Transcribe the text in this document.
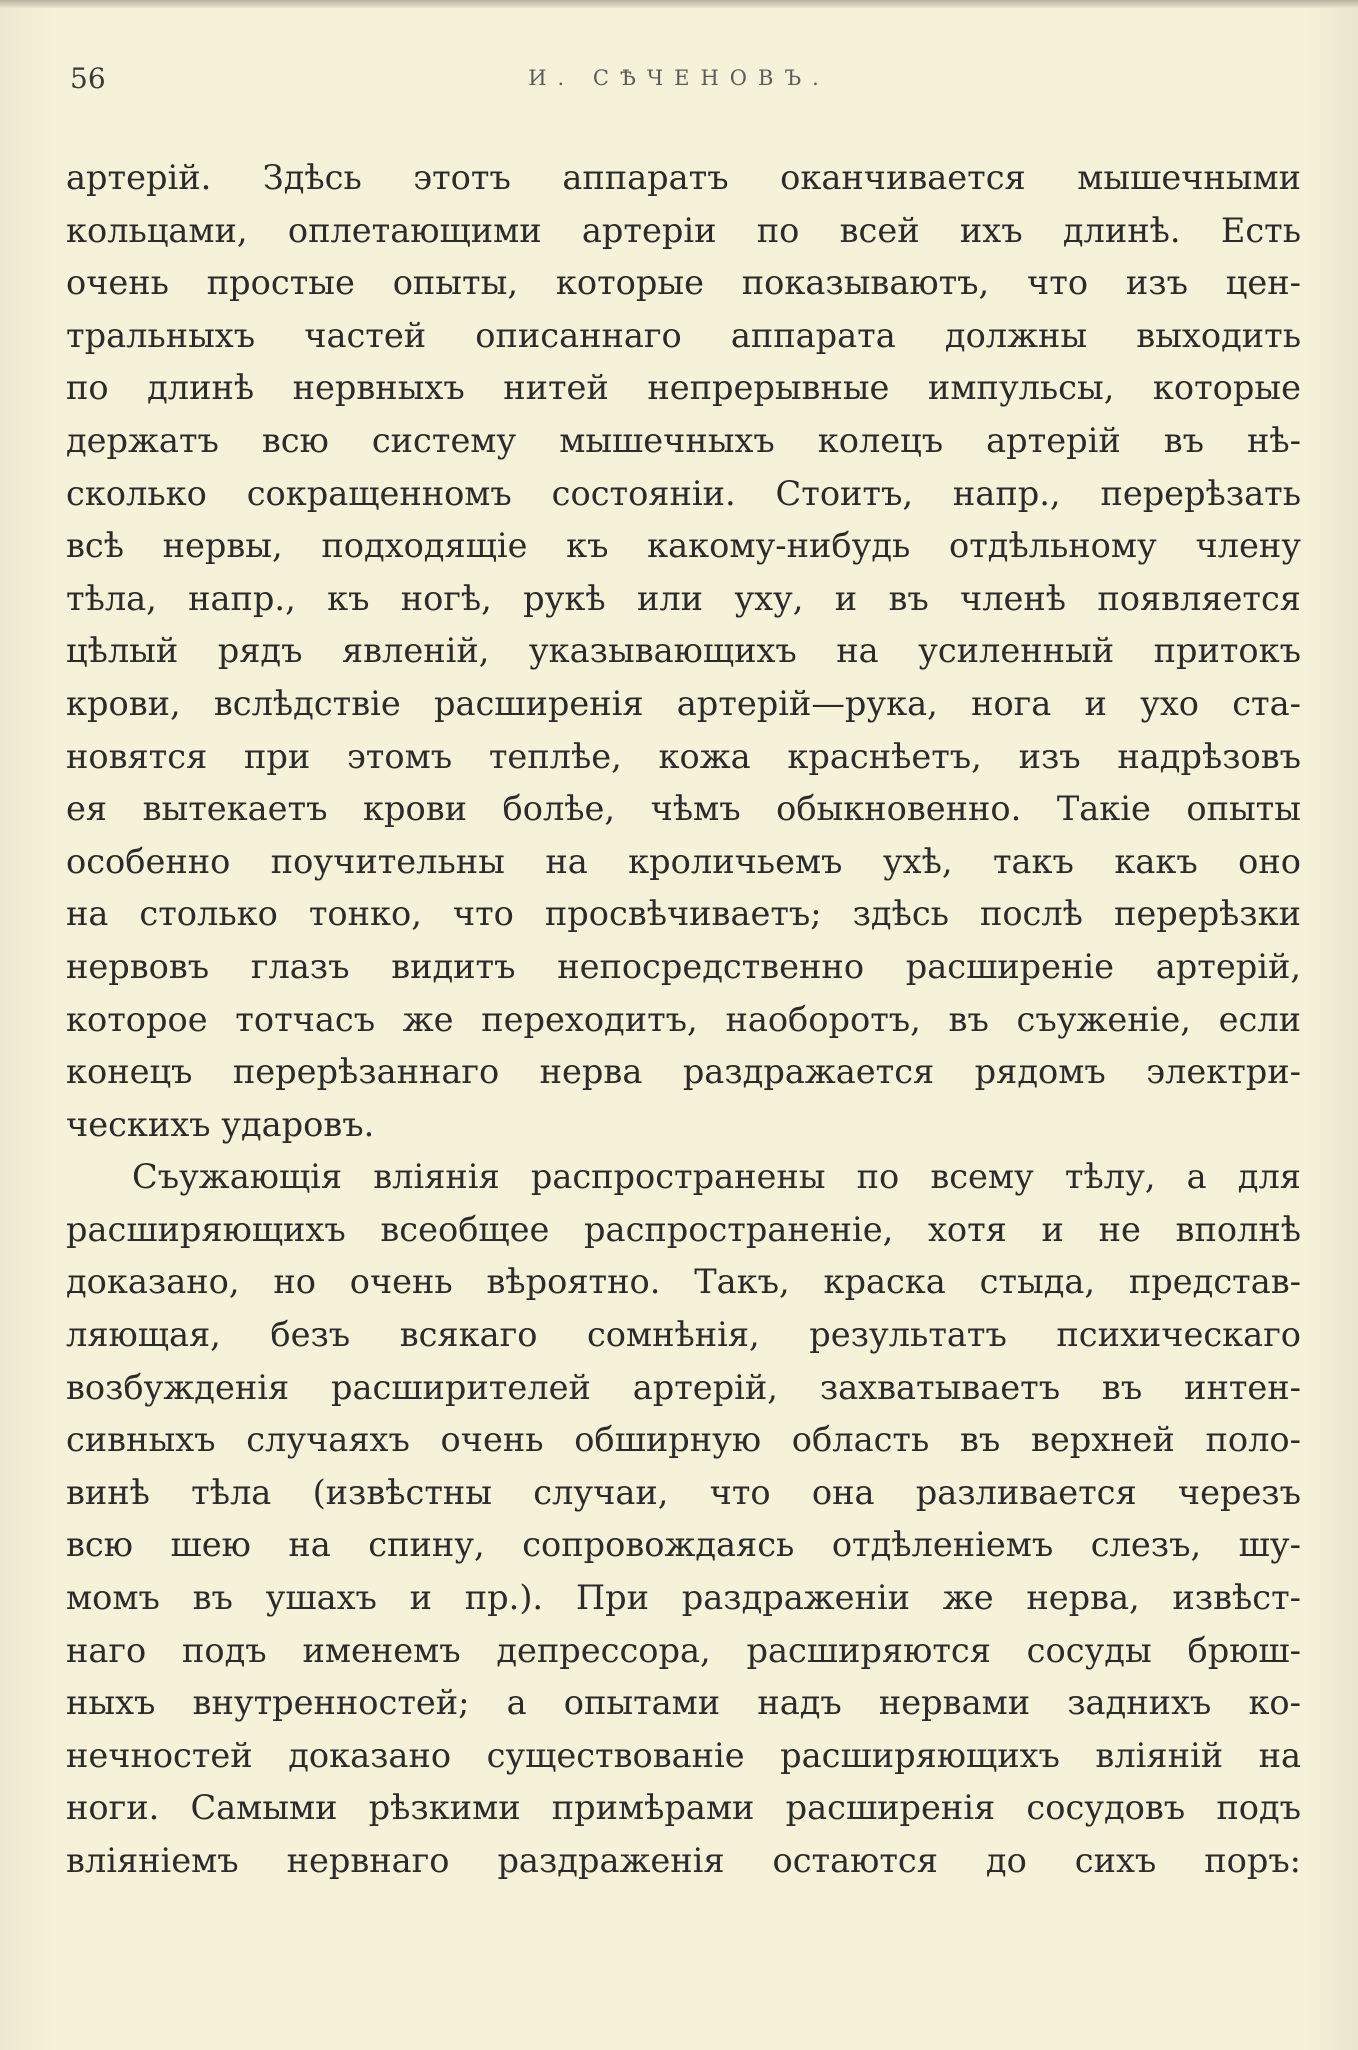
56	И. СѢЧЕНОВЪ.
артерій. Здѣсь этотъ аппаратъ оканчивается мышечными
кольцами, оплетающими артеріи по всей ихъ длинѣ. Есть
очень простые опыты, которые показываютъ, что изъ цен-
тральныхъ частей описаннаго аппарата должны выходить
по длинѣ нервныхъ нитей непрерывные импульсы, которые
держатъ всю систему мышечныхъ колецъ артерій въ нѣ-
сколько сокращенномъ состояніи. Стоитъ, напр., перерѣзать
всѣ нервы, подходящіе къ какому-нибудь отдѣльному члену
тѣла, напр., къ ногѣ, рукѣ или уху, и въ членѣ появляется
цѣлый рядъ явленій, указывающихъ на усиленный притокъ
крови, вслѣдствіе расширенія артерій—рука, нога и ухо ста-
новятся при этомъ теплѣе, кожа краснѣетъ, изъ надрѣзовъ
ея вытекаетъ крови болѣе, чѣмъ обыкновенно. Такіе опыты
особенно поучительны на кроличьемъ ухѣ, такъ какъ оно
на столько тонко, что просвѣчиваетъ; здѣсь послѣ перерѣзки
нервовъ глазъ видитъ непосредственно расширеніе артерій,
которое тотчасъ же переходитъ, наоборотъ, въ съуженіе, если
конецъ перерѣзаннаго нерва раздражается рядомъ электри-
ческихъ ударовъ.
Съужающія вліянія распространены по всему тѣлу, а для
расширяющихъ всеобщее распространеніе, хотя и не вполнѣ
доказано, но очень вѣроятно. Такъ, краска стыда, представ-
ляющая, безъ всякаго сомнѣнія, результатъ психическаго
возбужденія расширителей артерій, захватываетъ въ интен-
сивныхъ случаяхъ очень обширную область въ верхней поло-
винѣ тѣла (извѣстны случаи, что она разливается черезъ
всю шею на спину, сопровождаясь отдѣленіемъ слезъ, шу-
момъ въ ушахъ и пр.). При раздраженіи же нерва, извѣст-
наго подъ именемъ депрессора, расширяются сосуды брюш-
ныхъ внутренностей; а опытами надъ нервами заднихъ ко-
нечностей доказано существованіе расширяющихъ вліяній на
ноги. Самыми рѣзкими примѣрами расширенія сосудовъ подъ
вліяніемъ нервнаго раздраженія остаются до сихъ поръ:
